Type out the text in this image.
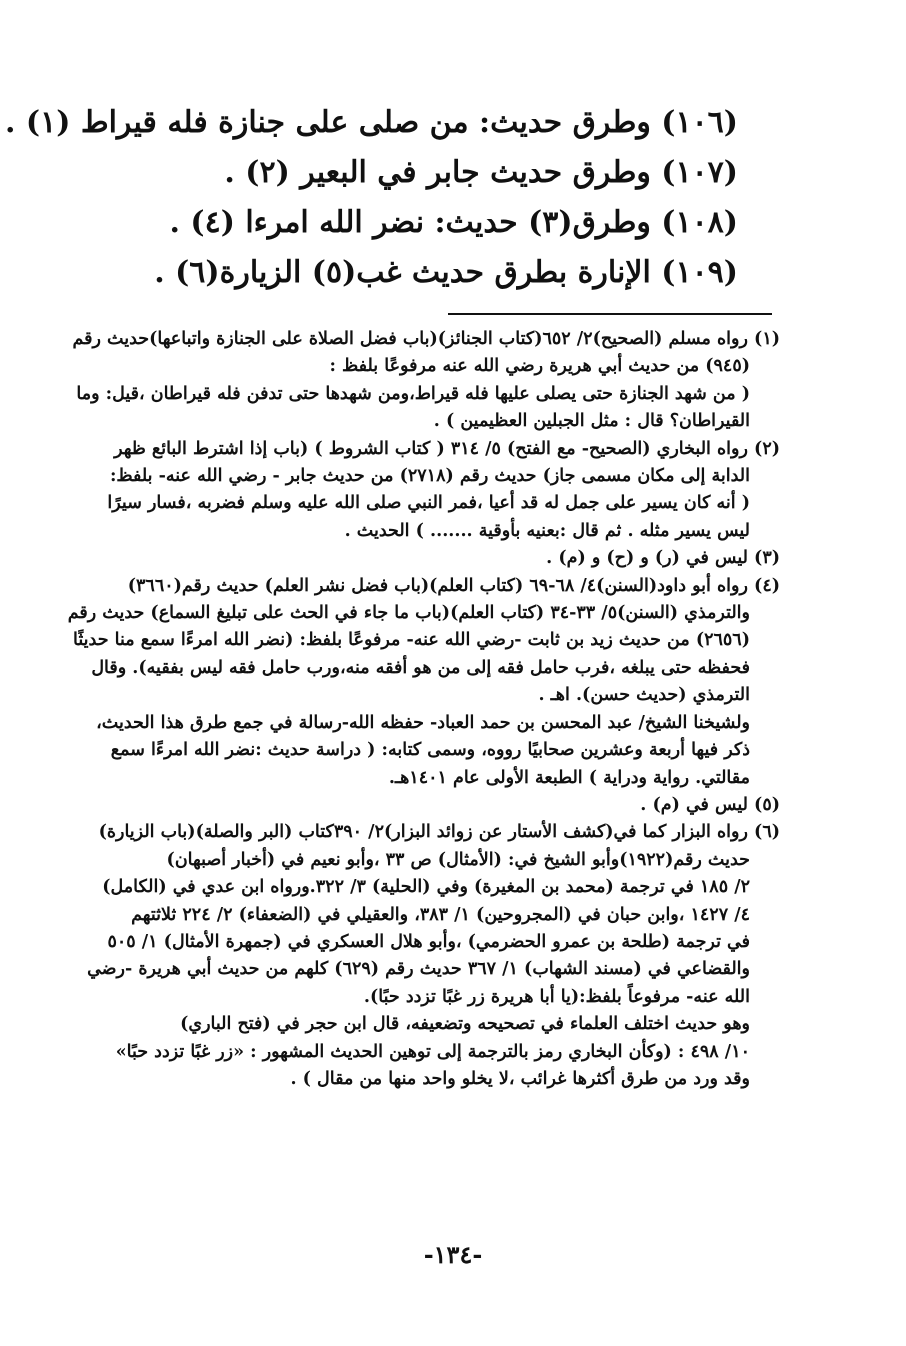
(١٠٦) وطرق حديث: من صلى على جنازة فله قيراط (١) .
(١٠٧) وطرق حديث جابر في البعير (٢) .
(١٠٨) وطرق(٣) حديث: نضر الله امرءا (٤) .
(١٠٩) الإنارة بطرق حديث غب(٥) الزيارة(٦) .
(١) رواه مسلم (الصحيح)٢/ ٦٥٢(كتاب الجنائز)(باب فضل الصلاة على الجنازة واتباعها)حديث رقم
(٩٤٥) من حديث أبي هريرة رضي الله عنه مرفوعًا بلفظ :
( من شهد الجنازة حتى يصلى عليها فله قيراط،ومن شهدها حتى تدفن فله قيراطان ،قيل: وما
القيراطان؟ قال : مثل الجبلين العظيمين ) .
(٢) رواه البخاري (الصحيح- مع الفتح) ٥/ ٣١٤ ( كتاب الشروط ) (باب إذا اشترط البائع ظهر
الدابة إلى مكان مسمى جاز) حديث رقم (٢٧١٨) من حديث جابر - رضي الله عنه- بلفظ:
( أنه كان يسير على جمل له قد أعيا ،فمر النبي صلى الله عليه وسلم فضربه ،فسار سيرًا
ليس يسير مثله . ثم قال :بعنيه بأوقية ....... ) الحديث .
(٣) ليس في (ر) و (ح) و (م) .
(٤) رواه أبو داود(السنن)٤/ ٦٨-٦٩ (كتاب العلم)(باب فضل نشر العلم) حديث رقم(٣٦٦٠)
والترمذي (السنن)٥/ ٣٣-٣٤ (كتاب العلم)(باب ما جاء في الحث على تبليغ السماع) حديث رقم
(٢٦٥٦) من حديث زيد بن ثابت -رضي الله عنه- مرفوعًا بلفظ: (نضر الله امرءًا سمع منا حديثًا
فحفظه حتى يبلغه ،فرب حامل فقه إلى من هو أفقه منه،ورب حامل فقه ليس بفقيه). وقال
الترمذي (حديث حسن). اهـ .
ولشيخنا الشيخ/ عبد المحسن بن حمد العباد- حفظه الله-رسالة في جمع طرق هذا الحديث،
ذكر فيها أربعة وعشرين صحابيًا رووه، وسمى كتابه: ( دراسة حديث :نضر الله امرءًا سمع
مقالتي. رواية ودراية ) الطبعة الأولى عام ١٤٠١هـ.
(٥) ليس في (م) .
(٦) رواه البزار كما في(كشف الأستار عن زوائد البزار)٢/ ٣٩٠كتاب (البر والصلة)(باب الزيارة)
حديث رقم(١٩٢٢)وأبو الشيخ في: (الأمثال) ص ٣٣ ،وأبو نعيم في (أخبار أصبهان)
٢/ ١٨٥ في ترجمة (محمد بن المغيرة) وفي (الحلية) ٣/ ٣٢٢.ورواه ابن عدي في (الكامل)
٤/ ١٤٢٧ ،وابن حبان في (المجروحين) ١/ ٣٨٣، والعقيلي في (الضعفاء) ٢/ ٢٢٤ ثلاثتهم
في ترجمة (طلحة بن عمرو الحضرمي) ،وأبو هلال العسكري في (جمهرة الأمثال) ١/ ٥٠٥
والقضاعي في (مسند الشهاب) ١/ ٣٦٧ حديث رقم (٦٢٩) كلهم من حديث أبي هريرة -رضي
الله عنه- مرفوعاً بلفظ:(يا أبا هريرة زر غبًا تزدد حبًا).
وهو حديث اختلف العلماء في تصحيحه وتضعيفه، قال ابن حجر في (فتح الباري)
١٠/ ٤٩٨ : (وكأن البخاري رمز بالترجمة إلى توهين الحديث المشهور : «زر غبًا تزدد حبًا»
وقد ورد من طرق أكثرها غرائب ،لا يخلو واحد منها من مقال ) .
-١٣٤-
